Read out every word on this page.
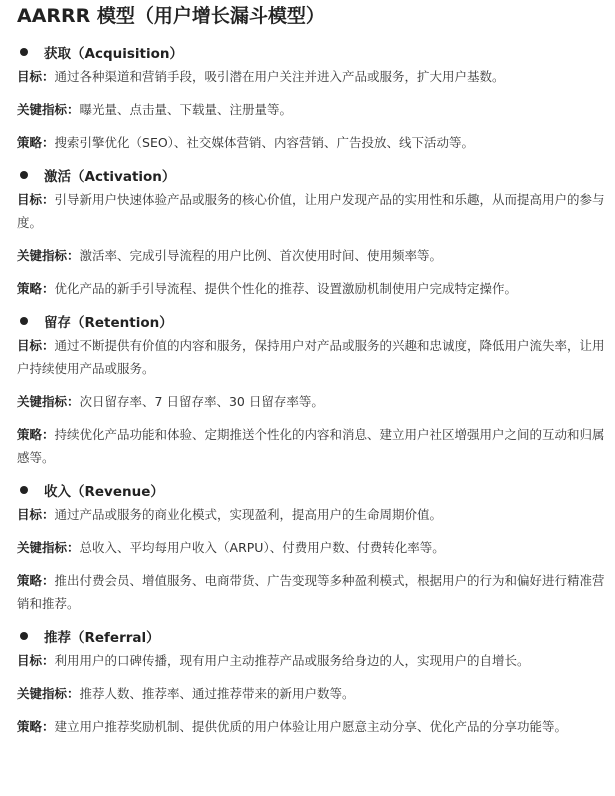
AARRR 模型（用户增长漏斗模型）
获取（Acquisition）

目标：通过各种渠道和营销手段，吸引潜在用户关注并进入产品或服务，扩大用户基数。

关键指标：曝光量、点击量、下载量、注册量等。

策略：搜索引擎优化（SEO）、社交媒体营销、内容营销、广告投放、线下活动等。

激活（Activation）

目标：引导新用户快速体验产品或服务的核心价值，让用户发现产品的实用性和乐趣，从而提高用户的参与度。

关键指标：激活率、完成引导流程的用户比例、首次使用时间、使用频率等。

策略：优化产品的新手引导流程、提供个性化的推荐、设置激励机制使用户完成特定操作。

留存（Retention）

目标：通过不断提供有价值的内容和服务，保持用户对产品或服务的兴趣和忠诚度，降低用户流失率，让用户持续使用产品或服务。

关键指标：次日留存率、7 日留存率、30 日留存率等。

策略：持续优化产品功能和体验、定期推送个性化的内容和消息、建立用户社区增强用户之间的互动和归属感等。

收入（Revenue）

目标：通过产品或服务的商业化模式，实现盈利，提高用户的生命周期价值。

关键指标：总收入、平均每用户收入（ARPU）、付费用户数、付费转化率等。

策略：推出付费会员、增值服务、电商带货、广告变现等多种盈利模式，根据用户的行为和偏好进行精准营销和推荐。

推荐（Referral）

目标：利用用户的口碑传播，现有用户主动推荐产品或服务给身边的人，实现用户的自增长。

关键指标：推荐人数、推荐率、通过推荐带来的新用户数等。

策略：建立用户推荐奖励机制、提供优质的用户体验让用户愿意主动分享、优化产品的分享功能等。
